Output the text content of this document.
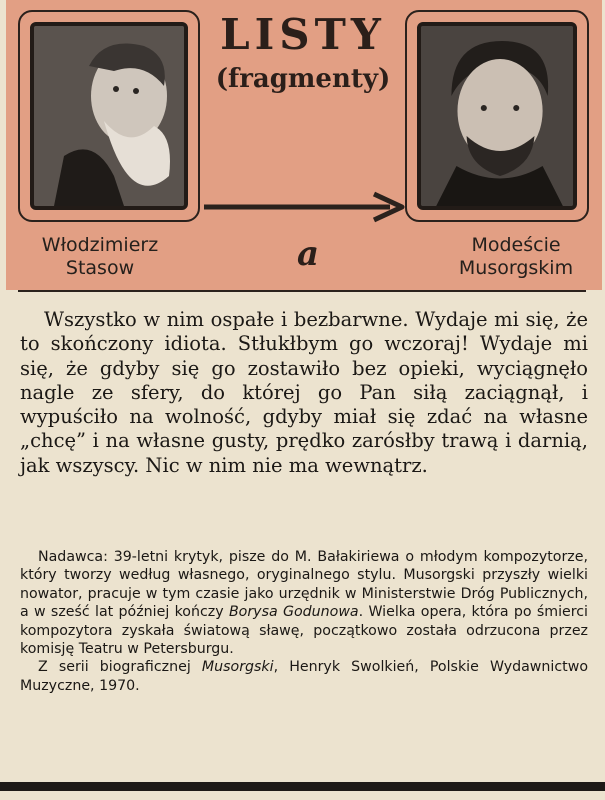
LISTY
(fragmenty)
Włodzimierz Stasow	a	Modeście Musorgskim

Wszystko w nim ospałe i bezbarwne. Wydaje mi się, że to skończony idiota. Stłukłbym go wczoraj! Wydaje mi się, że gdyby się go zostawiło bez opieki, wyciągnęło nagle ze sfery, do której go Pan siłą zaciągnął, i wypuściło na wolność, gdyby miał się zdać na własne „chcę” i na własne gusty, prędko zarósłby trawą i darnią, jak wszyscy. Nic w nim nie ma wewnątrz.

Nadawca: 39-letni krytyk, pisze do M. Bałakiriewa o młodym kompozytorze, który tworzy według własnego, oryginalnego stylu. Musorgski przyszły wielki nowator, pracuje w tym czasie jako urzędnik w Ministerstwie Dróg Publicznych, a w sześć lat później kończy Borysa Godunowa. Wielka opera, która po śmierci kompozytora zyskała światową sławę, początkowo została odrzucona przez komisję Teatru w Petersburgu.

Z serii biograficznej Musorgski, Henryk Swolkień, Polskie Wydawnictwo Muzyczne, 1970.
